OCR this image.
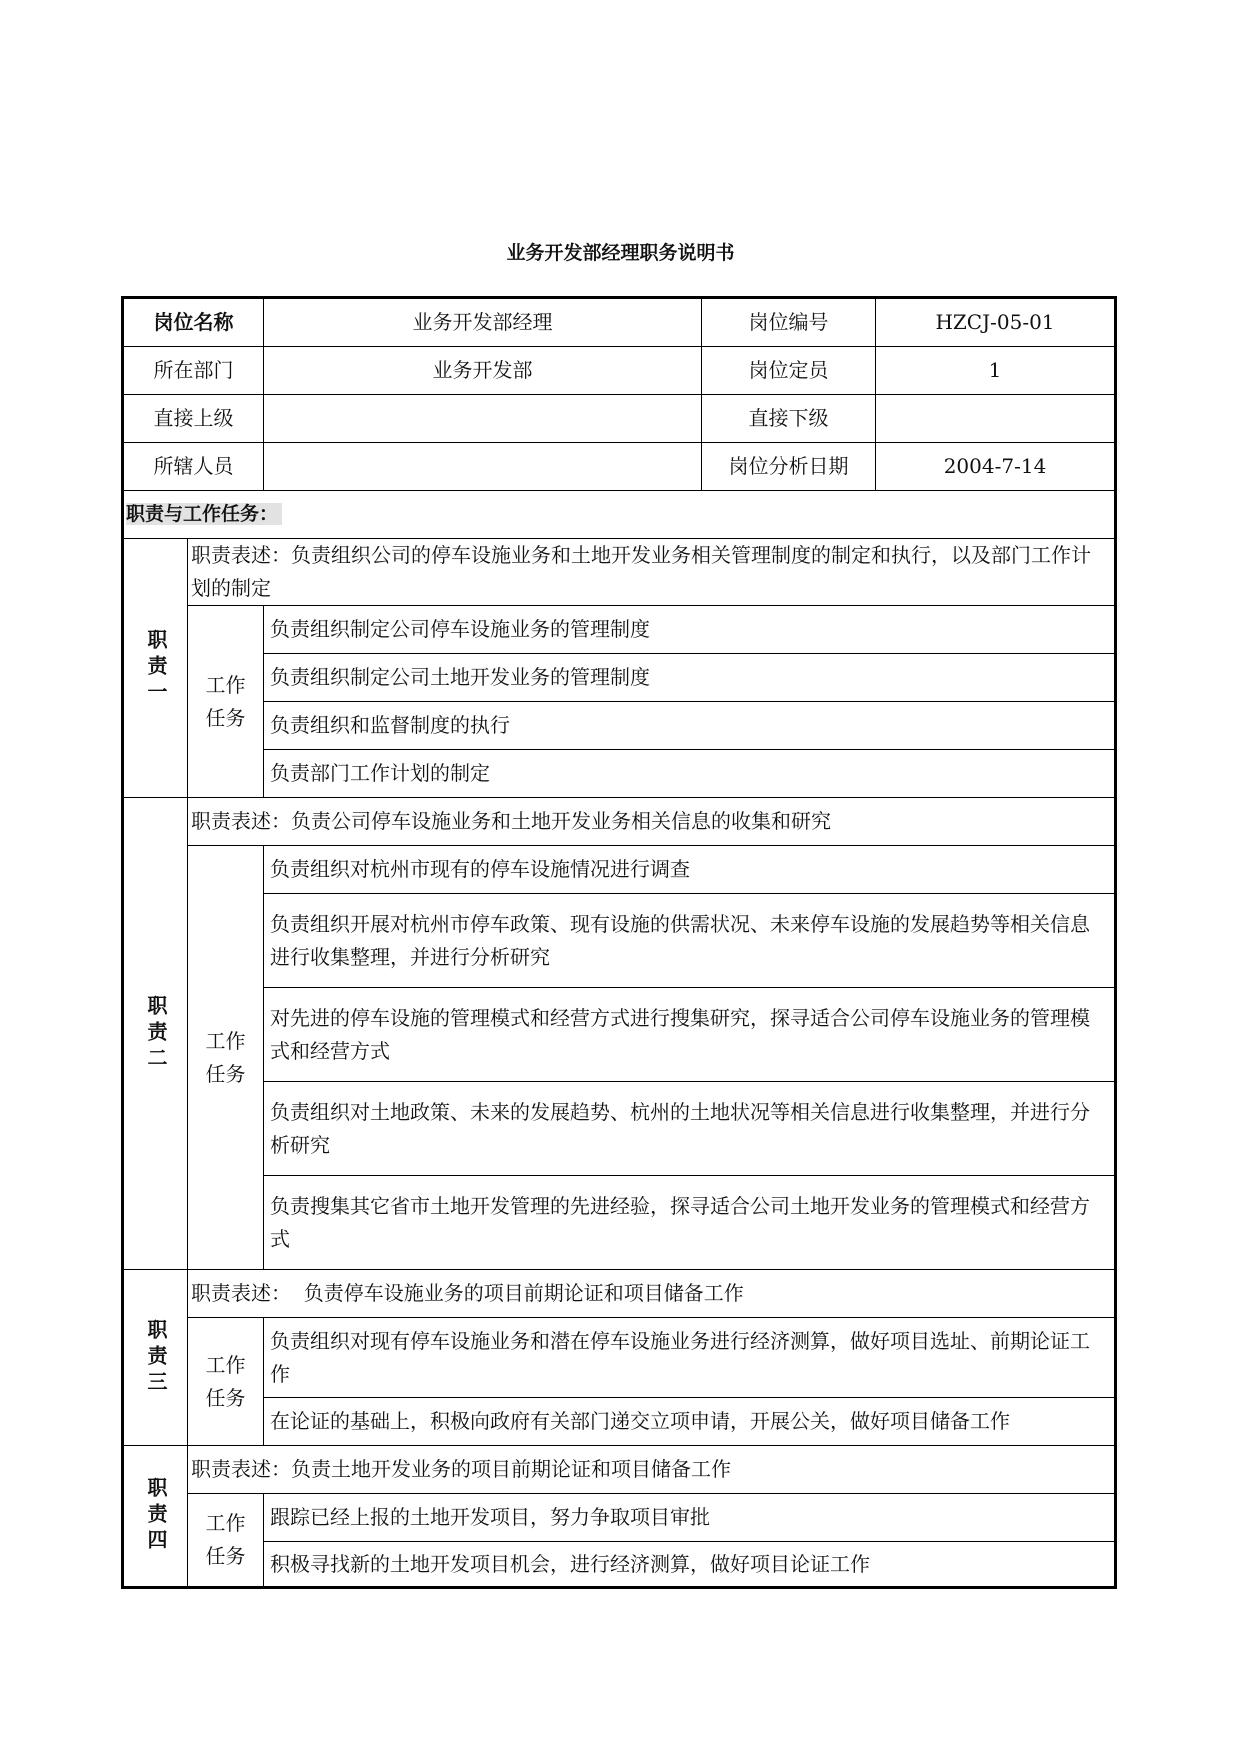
业务开发部经理职务说明书
岗位名称		业务开发部经理	岗位编号	HZCJ-05-01
所在部门		业务开发部	岗位定员	1
直接上级			直接下级	
所辖人员			岗位分析日期	2004-7-14
职责与工作任务：				
职责一	职责表述：负责组织公司的停车设施业务和土地开发业务相关管理制度的制定和执行，以及部门工作计划的制定			

	工作任务	负责组织制定公司停车设施业务的管理制度		
		负责组织制定公司土地开发业务的管理制度		
		负责组织和监督制度的执行		
		负责部门工作计划的制定		
职责二	职责表述：负责公司停车设施业务和土地开发业务相关信息的收集和研究			

	工作任务	负责组织对杭州市现有的停车设施情况进行调查		
		负责组织开展对杭州市停车政策、现有设施的供需状况、未来停车设施的发展趋势等相关信息进行收集整理，并进行分析研究		
		对先进的停车设施的管理模式和经营方式进行搜集研究，探寻适合公司停车设施业务的管理模式和经营方式		
		负责组织对土地政策、未来的发展趋势、杭州的土地状况等相关信息进行收集整理，并进行分析研究		
		负责搜集其它省市土地开发管理的先进经验，探寻适合公司土地开发业务的管理模式和经营方式		
职责三	职责表述：  负责停车设施业务的项目前期论证和项目储备工作			

	工作任务	负责组织对现有停车设施业务和潜在停车设施业务进行经济测算，做好项目选址、前期论证工作		
		在论证的基础上，积极向政府有关部门递交立项申请，开展公关，做好项目储备工作		
职责四	职责表述：负责土地开发业务的项目前期论证和项目储备工作			

	工作任务	跟踪已经上报的土地开发项目，努力争取项目审批		
		积极寻找新的土地开发项目机会，进行经济测算，做好项目论证工作		
